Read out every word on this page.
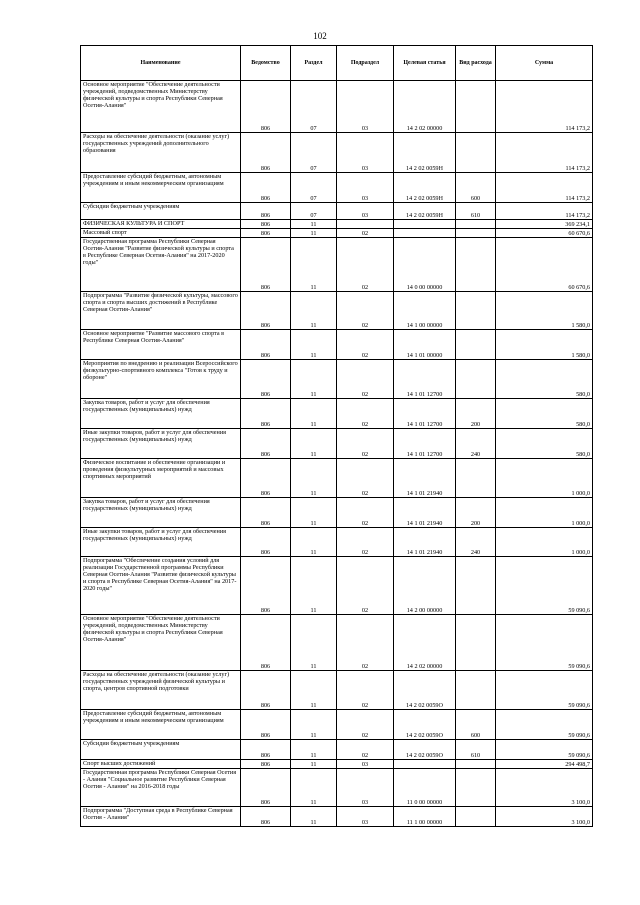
102
Наименование	Ведомство	Раздел	Подраздел	Целевая статья	Вид расхода	Сумма
Основное мероприятие "Обеспечение деятельности учреждений, подведомственных Министерству физической культуры и спорта Республики Северная Осетия-Алания"	806	07	03	14 2 02 00000		114 173,2
Расходы на обеспечение деятельности (оказание услуг) государственных учреждений дополнительного образования	806	07	03	14 2 02 0059Н		114 173,2
Предоставление субсидий бюджетным, автономным учреждениям и иным некоммерческим организациям	806	07	03	14 2 02 0059Н	600	114 173,2
Субсидии бюджетным учреждениям	806	07	03	14 2 02 0059Н	610	114 173,2
ФИЗИЧЕСКАЯ КУЛЬТУРА И СПОРТ	806	11				369 234,1
Массовый спорт	806	11	02			60 670,6
Государственная программа Республики Северная Осетия-Алания "Развитие физической культуры и спорта в Республике Северная Осетия-Алания" на 2017-2020 годы"	806	11	02	14 0 00 00000		60 670,6
Подпрограмма "Развитие физической культуры, массового спорта и спорта высших достижений в Республике Северная Осетия-Алания"	806	11	02	14 1 00 00000		1 580,0
Основное мероприятие "Развитие массового спорта в Республике Северная Осетия-Алания"	806	11	02	14 1 01 00000		1 580,0
Мероприятия по внедрению и реализации Всероссийского физкультурно-спортивного комплекса "Готов к труду и обороне"	806	11	02	14 1 01 12700		580,0
Закупка товаров, работ и услуг для обеспечения государственных (муниципальных) нужд	806	11	02	14 1 01 12700	200	580,0
Иные закупки товаров, работ и услуг для обеспечения государственных (муниципальных) нужд	806	11	02	14 1 01 12700	240	580,0
Физическое воспитание и обеспечение организации и проведения физкультурных мероприятий и массовых спортивных мероприятий	806	11	02	14 1 01 21940		1 000,0
Закупка товаров, работ и услуг для обеспечения государственных (муниципальных) нужд	806	11	02	14 1 01 21940	200	1 000,0
Иные закупки товаров, работ и услуг для обеспечения государственных (муниципальных) нужд	806	11	02	14 1 01 21940	240	1 000,0
Подпрограмма "Обеспечение создания условий для реализации Государственной программы Республики Северная Осетия-Алания "Развитие физической культуры и спорта в Республике Северная Осетия-Алания" на 2017-2020 годы"	806	11	02	14 2 00 00000		59 090,6
Основное мероприятие "Обеспечение деятельности учреждений, подведомственных Министерству физической культуры и спорта Республики Северная Осетия-Алания"	806	11	02	14 2 02 00000		59 090,6
Расходы на обеспечение деятельности (оказание услуг) государственных учреждений физической культуры и спорта, центров спортивной подготовки	806	11	02	14 2 02 0059О		59 090,6
Предоставление субсидий бюджетным, автономным учреждениям и иным некоммерческим организациям	806	11	02	14 2 02 0059О	600	59 090,6
Субсидии бюджетным учреждениям	806	11	02	14 2 02 0059О	610	59 090,6
Спорт высших достижений	806	11	03			294 498,7
Государственная программа Республики Северная Осетия - Алания "Социальное развитие Республики Северная Осетия - Алания" на 2016-2018 годы	806	11	03	11 0 00 00000		3 100,0
Подпрограмма "Доступная среда в Республике Северная Осетия - Алания"	806	11	03	11 1 00 00000		3 100,0
